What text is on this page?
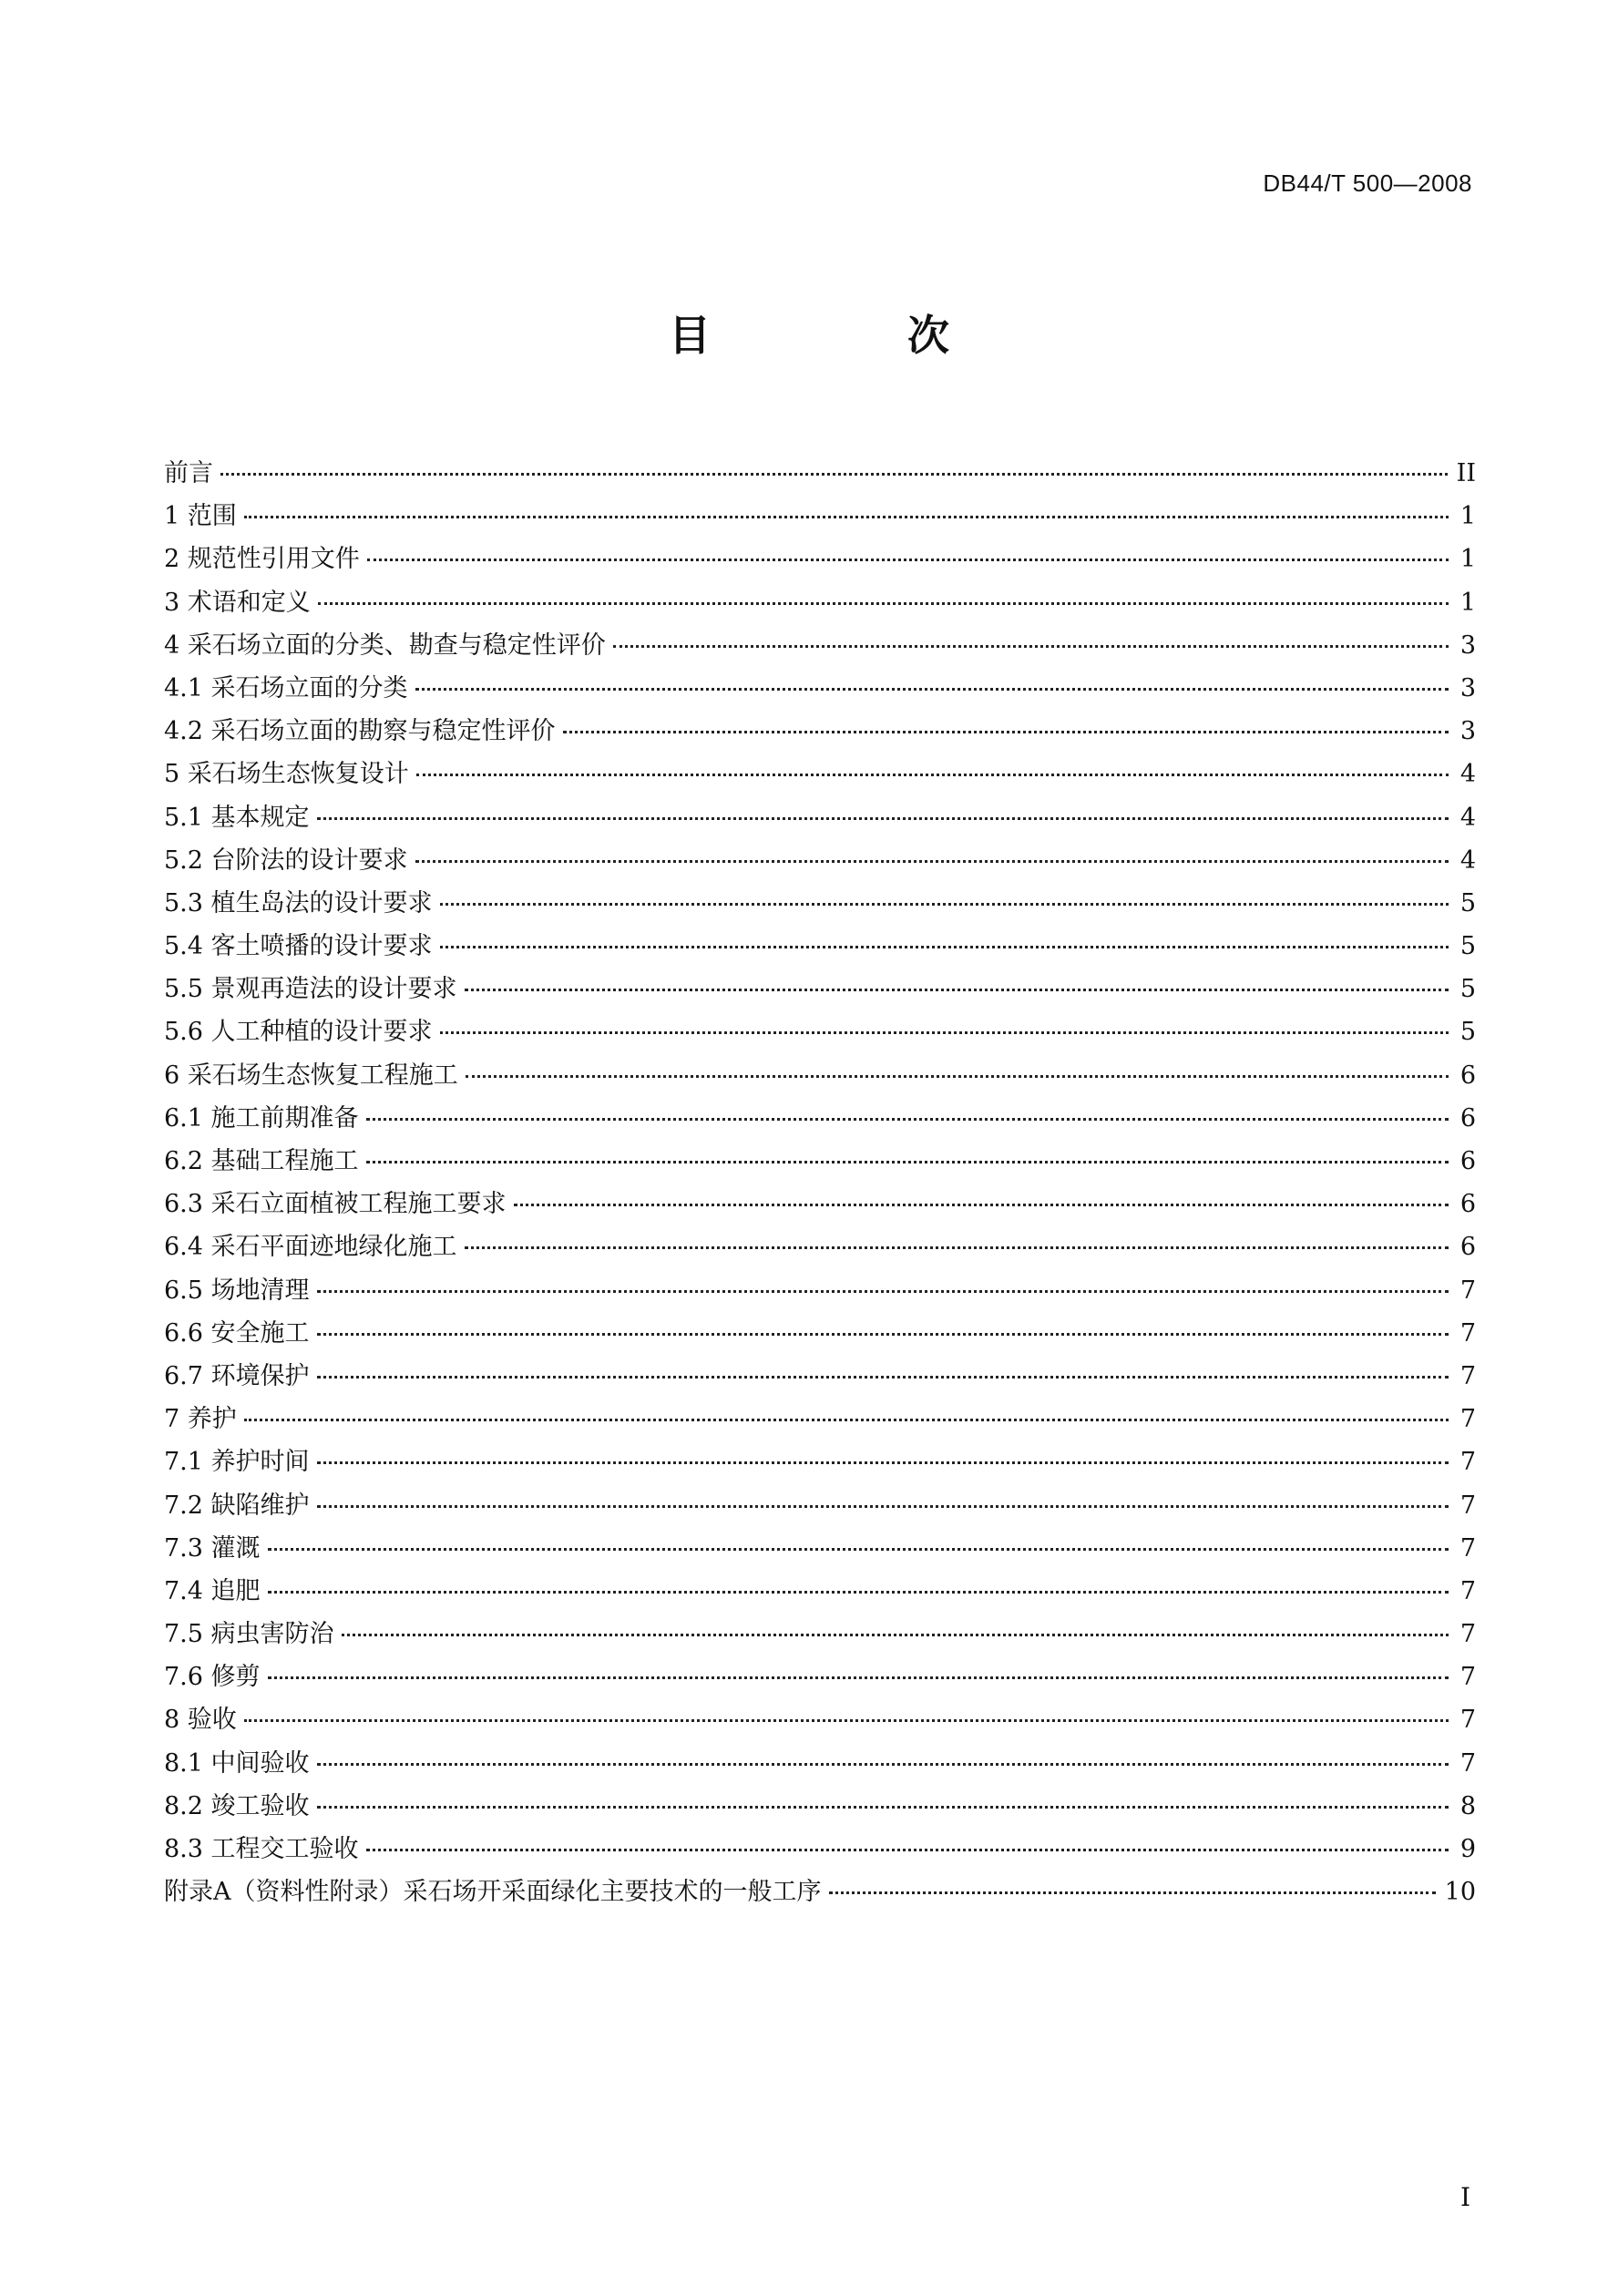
DB44/T 500—2008
目 次
前言	II
1 范围	1
2 规范性引用文件	1
3 术语和定义	1
4 采石场立面的分类、勘查与稳定性评价	3
4.1 采石场立面的分类	3
4.2 采石场立面的勘察与稳定性评价	3
5 采石场生态恢复设计	4
5.1 基本规定	4
5.2 台阶法的设计要求	4
5.3 植生岛法的设计要求	5
5.4 客土喷播的设计要求	5
5.5 景观再造法的设计要求	5
5.6 人工种植的设计要求	5
6 采石场生态恢复工程施工	6
6.1 施工前期准备	6
6.2 基础工程施工	6
6.3 采石立面植被工程施工要求	6
6.4 采石平面迹地绿化施工	6
6.5 场地清理	7
6.6 安全施工	7
6.7 环境保护	7
7 养护	7
7.1 养护时间	7
7.2 缺陷维护	7
7.3 灌溉	7
7.4 追肥	7
7.5 病虫害防治	7
7.6 修剪	7
8 验收	7
8.1 中间验收	7
8.2 竣工验收	8
8.3 工程交工验收	9
附录A（资料性附录）采石场开采面绿化主要技术的一般工序	10
I
